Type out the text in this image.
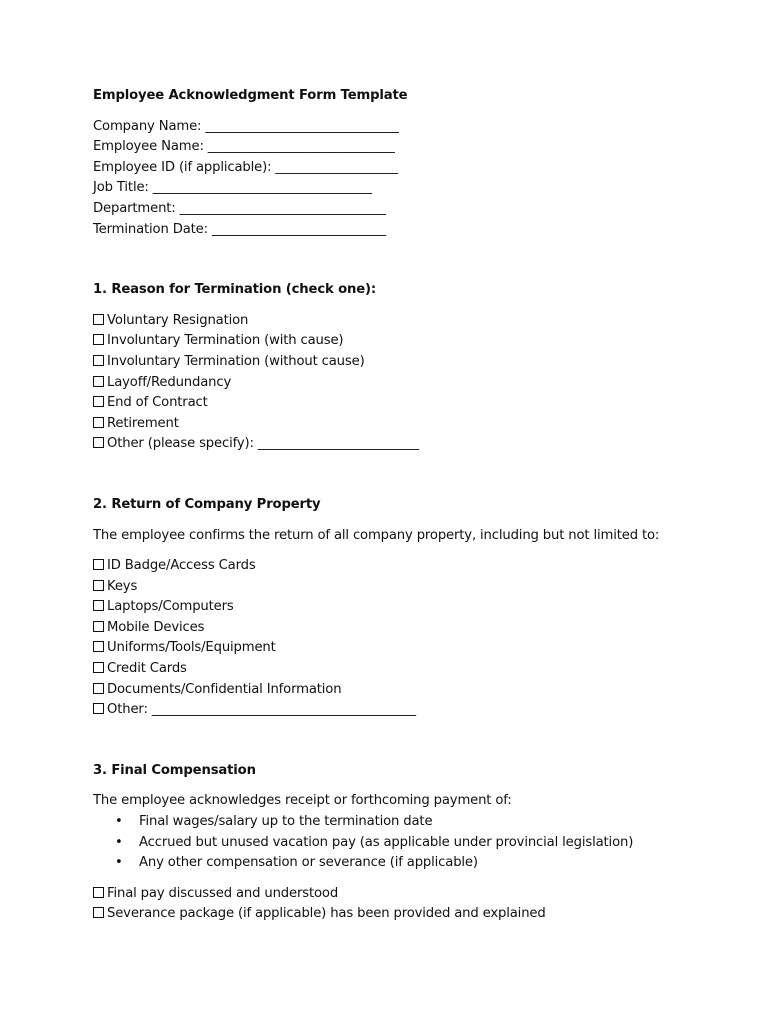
Employee Acknowledgment Form Template
Company Name: ______________________________
Employee Name: _____________________________
Employee ID (if applicable): ___________________
Job Title: __________________________________
Department: ________________________________
Termination Date: ___________________________
1. Reason for Termination (check one):
Voluntary Resignation
Involuntary Termination (with cause)
Involuntary Termination (without cause)
Layoff/Redundancy
End of Contract
Retirement
Other (please specify): _________________________
2. Return of Company Property
The employee confirms the return of all company property, including but not limited to:
ID Badge/Access Cards
Keys
Laptops/Computers
Mobile Devices
Uniforms/Tools/Equipment
Credit Cards
Documents/Confidential Information
Other: _________________________________________
3. Final Compensation
The employee acknowledges receipt or forthcoming payment of:
• Final wages/salary up to the termination date
• Accrued but unused vacation pay (as applicable under provincial legislation)
• Any other compensation or severance (if applicable)
Final pay discussed and understood
Severance package (if applicable) has been provided and explained
